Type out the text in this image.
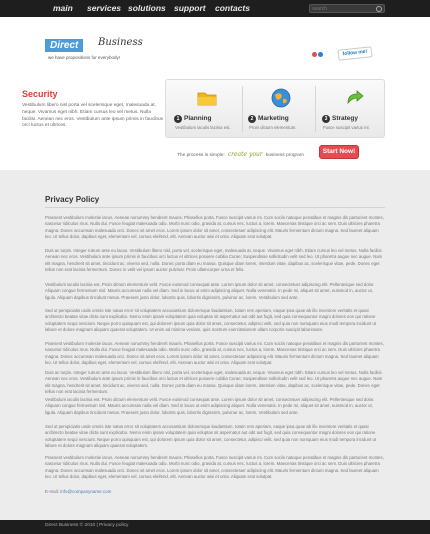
main services solutions support contacts
search
Direct	Business
we have propositions for everybody!
follow me!
Security
Vestibulum libero nisl porta vel scelerisque eget, malesuada at, neque. Vivamus eget nibh. Etiam cursus leo vel metus. Nulla facilisi. Aenean nec eros. Vestibulum ante ipsum primis in faucibus orci luctus et ultrices.
1 Planning
Vestibulum iaculis lacinia est.
2 Marketing
Proin dictum elementum.
3 Strategy
Fusce suscipit varius mi.
The process is simple: create your business program
Start Now!
Privacy Policy
Praesent vestibulum molestie lacus. Aenean nonummy hendrerit mauris. Phasellus porta. Fusce suscipit varius mi. Cum sociis natoque penatibus et magnis dis parturient montes, nascetur ridiculus mus. Nulla dui. Fusce feugiat malesuada odio. Morbi nunc odio, gravida at, cursus nec, luctus a, lorem. Maecenas tristique orci ac sem. Duis ultricies pharetra magna. Donec accumsan malesuada orci. Donec sit amet eros. Lorem ipsum dolor sit amet, consectetuer adipiscing elit. Mauris fermentum dictum magna. Sed laoreet aliquam leo. Ut tellus dolor, dapibus eget, elementum vel, cursus eleifend, elit. Aenean auctor wisi et urna. Aliquam erat volutpat.
Duis ac turpis. Integer rutrum ante eu lacus. Vestibulum libero nisl, porta vel, scelerisque eget, malesuada at, neque. Vivamus eget nibh. Etiam cursus leo vel metus. Nulla facilisi. Aenean nec eros. Vestibulum ante ipsum primis in faucibus orci luctus et ultrices posuere cubilia Curae; Suspendisse sollicitudin velit sed leo. Ut pharetra augue nec augue. Nam elit magna, hendrerit sit amet, tincidunt ac, viverra sed, nulla. Donec porta diam eu massa. Quisque diam lorem, interdum vitae, dapibus ac, scelerisque vitae, pede. Donec eget tellus non erat lacinia fermentum. Donec in velit vel ipsum auctor pulvinar. Proin ullamcorper urna et felis.
Vestibulum iaculis lacinia est. Proin dictum elementum velit. Fusce euismod consequat ante. Lorem ipsum dolor sit amet, consectetuer adipiscing elit. Pellentesque sed dolor. Aliquam congue fermentum nisl. Mauris accumsan nulla vel diam. Sed in lacus ut enim adipiscing aliquet. Nulla venenatis. In pede mi, aliquet sit amet, euismod in, auctor ut, ligula. Aliquam dapibus tincidunt metus. Praesent justo dolor, lobortis quis, lobortis dignissim, pulvinar ac, lorem. Vestibulum sed ante.
Sed ut perspiciatis unde omnis iste natus error sit voluptatem accusantium doloremque laudantium, totam rem aperiam, eaque ipsa quae ab illo inventore veritatis et quasi architecto beatae vitae dicta sunt explicabo. Nemo enim ipsam voluptatem quia voluptas sit aspernatur aut odit aut fugit, sed quia consequuntur magni dolores eos qui ratione voluptatem sequi nesciunt. Neque porro quisquam est, qui dolorem ipsum quia dolor sit amet, consectetur, adipisci velit, sed quia non numquam eius modi tempora incidunt ut labore et dolore magnam aliquam quaerat voluptatem. Ut enim ad minima veniam, quis nostrum exercitationem ullam corporis suscipit laboriosam.
Praesent vestibulum molestie lacus. Aenean nonummy hendrerit mauris. Phasellus porta. Fusce suscipit varius mi. Cum sociis natoque penatibus et magnis dis parturient montes, nascetur ridiculus mus. Nulla dui. Fusce feugiat malesuada odio. Morbi nunc odio, gravida at, cursus nec, luctus a, lorem. Maecenas tristique orci ac sem. Duis ultricies pharetra magna. Donec accumsan malesuada orci. Donec sit amet eros. Lorem ipsum dolor sit amet, consectetuer adipiscing elit. Mauris fermentum dictum magna. Sed laoreet aliquam leo. Ut tellus dolor, dapibus eget, elementum vel, cursus eleifend, elit. Aenean auctor wisi et urna. Aliquam erat volutpat.
Duis ac turpis. Integer rutrum ante eu lacus. Vestibulum libero nisl, porta vel, scelerisque eget, malesuada at, neque. Vivamus eget nibh. Etiam cursus leo vel metus. Nulla facilisi. Aenean nec eros. Vestibulum ante ipsum primis in faucibus orci luctus et ultrices posuere cubilia Curae; Suspendisse sollicitudin velit sed leo. Ut pharetra augue nec augue. Nam elit magna, hendrerit sit amet, tincidunt ac, viverra sed, nulla. Donec porta diam eu massa. Quisque diam lorem, interdum vitae, dapibus ac, scelerisque vitae, pede. Donec eget tellus non erat lacinia fermentum.
Vestibulum iaculis lacinia est. Proin dictum elementum velit. Fusce euismod consequat ante. Lorem ipsum dolor sit amet, consectetuer adipiscing elit. Pellentesque sed dolor. Aliquam congue fermentum nisl. Mauris accumsan nulla vel diam. Sed in lacus ut enim adipiscing aliquet. Nulla venenatis. In pede mi, aliquet sit amet, euismod in, auctor ut, ligula. Aliquam dapibus tincidunt metus. Praesent justo dolor, lobortis quis, lobortis dignissim, pulvinar ac, lorem. Vestibulum sed ante.
Sed ut perspiciatis unde omnis iste natus error sit voluptatem accusantium doloremque laudantium, totam rem aperiam, eaque ipsa quae ab illo inventore veritatis et quasi architecto beatae vitae dicta sunt explicabo. Nemo enim ipsam voluptatem quia voluptas sit aspernatur aut odit aut fugit, sed quia consequuntur magni dolores eos qui ratione voluptatem sequi nesciunt. Neque porro quisquam est, qui dolorem ipsum quia dolor sit amet, consectetur, adipisci velit, sed quia non numquam eius modi tempora incidunt ut labore et dolore magnam aliquam quaerat voluptatem.
Praesent vestibulum molestie lacus. Aenean nonummy hendrerit mauris. Phasellus porta. Fusce suscipit varius mi. Cum sociis natoque penatibus et magnis dis parturient montes, nascetur ridiculus mus. Nulla dui. Fusce feugiat malesuada odio. Morbi nunc odio, gravida at, cursus nec, luctus a, lorem. Maecenas tristique orci ac sem. Duis ultricies pharetra magna. Donec accumsan malesuada orci. Donec sit amet eros. Lorem ipsum dolor sit amet, consectetuer adipiscing elit. Mauris fermentum dictum magna. Sed laoreet aliquam leo. Ut tellus dolor, dapibus eget, elementum vel, cursus eleifend, elit. Aenean auctor wisi et urna. Aliquam erat volutpat.
E-mail: info@companyname.com
Direct Business © 2010 | Privacy policy
